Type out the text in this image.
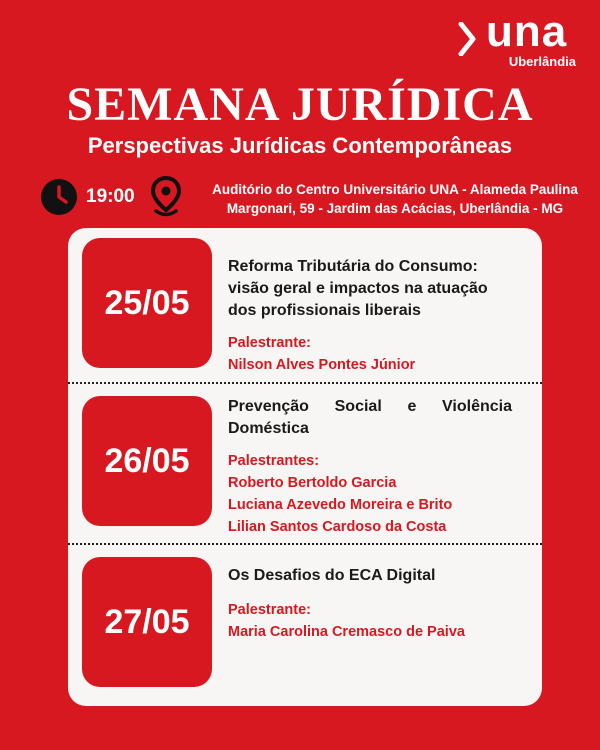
una
Uberlândia
SEMANA JURÍDICA
Perspectivas Jurídicas Contemporâneas
19:00	Auditório do Centro Universitário UNA - Alameda Paulina
Margonari, 59 - Jardim das Acácias, Uberlândia - MG
25/05
Reforma Tributária do Consumo:
visão geral e impactos na atuação
dos profissionais liberais
Palestrante:
Nilson Alves Pontes Júnior
26/05
Prevenção Social e Violência
Doméstica
Palestrantes:
Roberto Bertoldo Garcia
Luciana Azevedo Moreira e Brito
Lilian Santos Cardoso da Costa
27/05
Os Desafios do ECA Digital
Palestrante:
Maria Carolina Cremasco de Paiva
